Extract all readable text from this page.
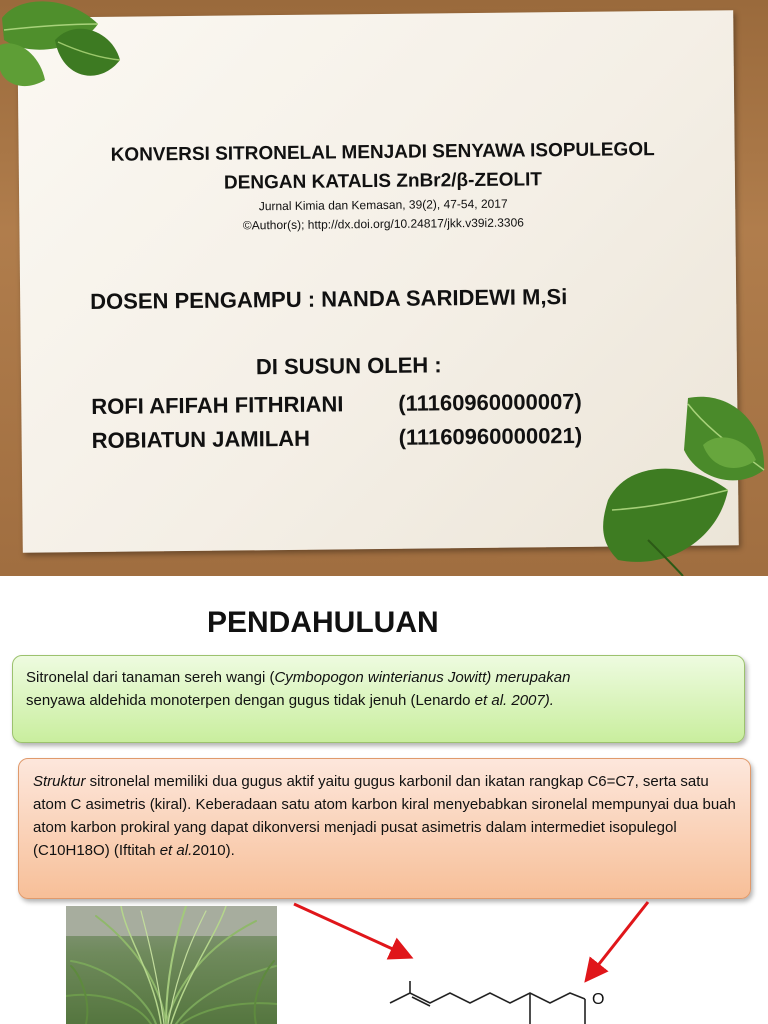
KONVERSI SITRONELAL MENJADI SENYAWA ISOPULEGOL
DENGAN KATALIS ZnBr2/β-ZEOLIT
Jurnal Kimia dan Kemasan, 39(2), 47-54, 2017
©Author(s); http://dx.doi.org/10.24817/jkk.v39i2.3306
DOSEN PENGAMPU : NANDA SARIDEWI M,Si
DI SUSUN OLEH :
ROFI AFIFAH FITHRIANI (11160960000007)
ROBIATUN JAMILAH	(11160960000021)
PENDAHULUAN
Sitronelal dari tanaman sereh wangi (Cymbopogon winterianus Jowitt) merupakan
senyawa aldehida monoterpen dengan gugus tidak jenuh (Lenardo et al. 2007).
Struktur sitronelal memiliki dua gugus aktif yaitu gugus karbonil dan ikatan rangkap C6=C7, serta satu atom C asimetris (kiral). Keberadaan satu atom karbon kiral menyebabkan sironelal mempunyai dua buah atom karbon prokiral yang dapat dikonversi menjadi pusat asimetris dalam intermediet isopulegol (C10H18O) (Iftitah et al.2010).
O
